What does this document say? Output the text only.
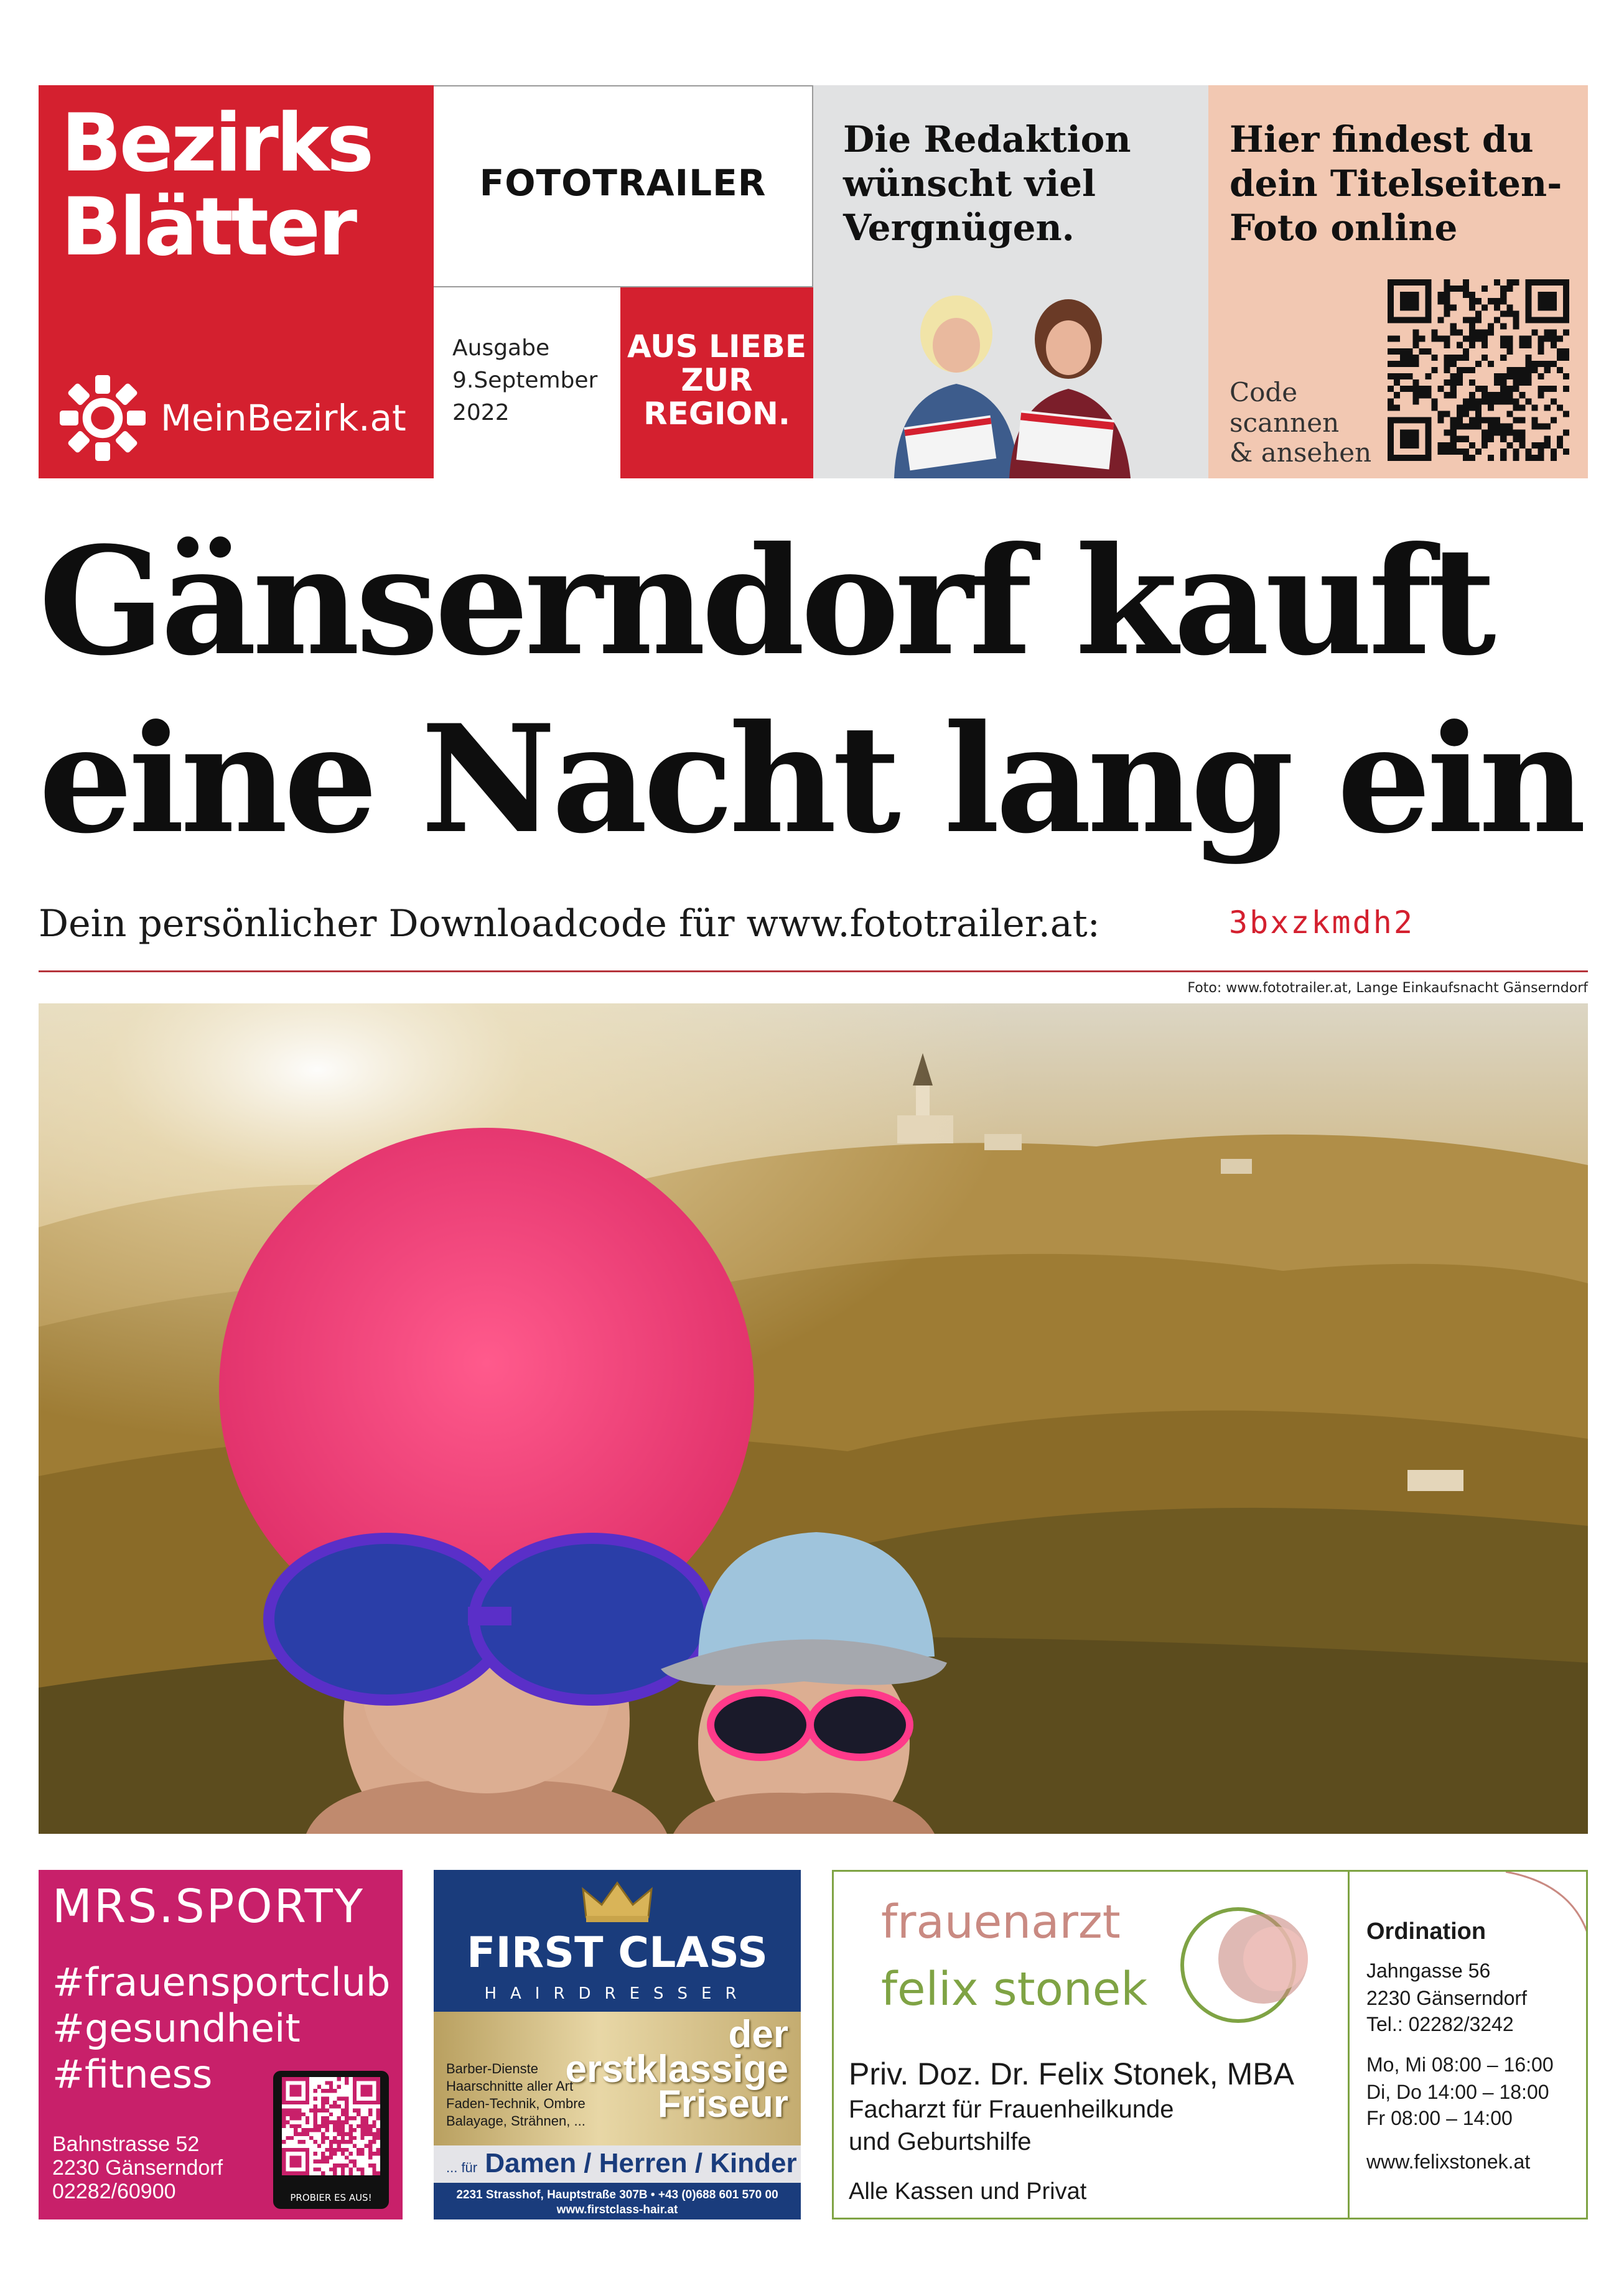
Bezirks
Blätter
MeinBezirk.at
FOTOTRAILER
Ausgabe
9.September
2022
AUS LIEBE
ZUR
REGION.
Die Redaktion
wünscht viel
Vergnügen.
Hier findest du
dein Titelseiten-
Foto online
Code
scannen
& ansehen
Gänserndorf kauft
eine Nacht lang ein
Dein persönlicher Downloadcode für www.fototrailer.at:	3bxzkmdh2
Foto: www.fototrailer.at, Lange Einkaufsnacht Gänserndorf
MRS.SPORTY
#frauensportclub
#gesundheit
#fitness
Bahnstrasse 52
2230 Gänserndorf
02282/60900	PROBIER ES AUS!
FIRST CLASS
HAIRDRESSER
Barber-Dienste
Haarschnitte aller Art
Faden-Technik, Ombre
Balayage, Strähnen, ...
der
erstklassige
Friseur
... für Damen / Herren / Kinder
2231 Strasshof, Hauptstraße 307B • +43 (0)688 601 570 00
www.firstclass-hair.at
frauenarzt
felix stonek
Priv. Doz. Dr. Felix Stonek, MBA
Facharzt für Frauenheilkunde
und Geburtshilfe
Alle Kassen und Privat
Ordination
Jahngasse 56
2230 Gänserndorf
Tel.: 02282/3242
Mo, Mi 08:00 – 16:00
Di, Do 14:00 – 18:00
Fr 08:00 – 14:00
www.felixstonek.at
